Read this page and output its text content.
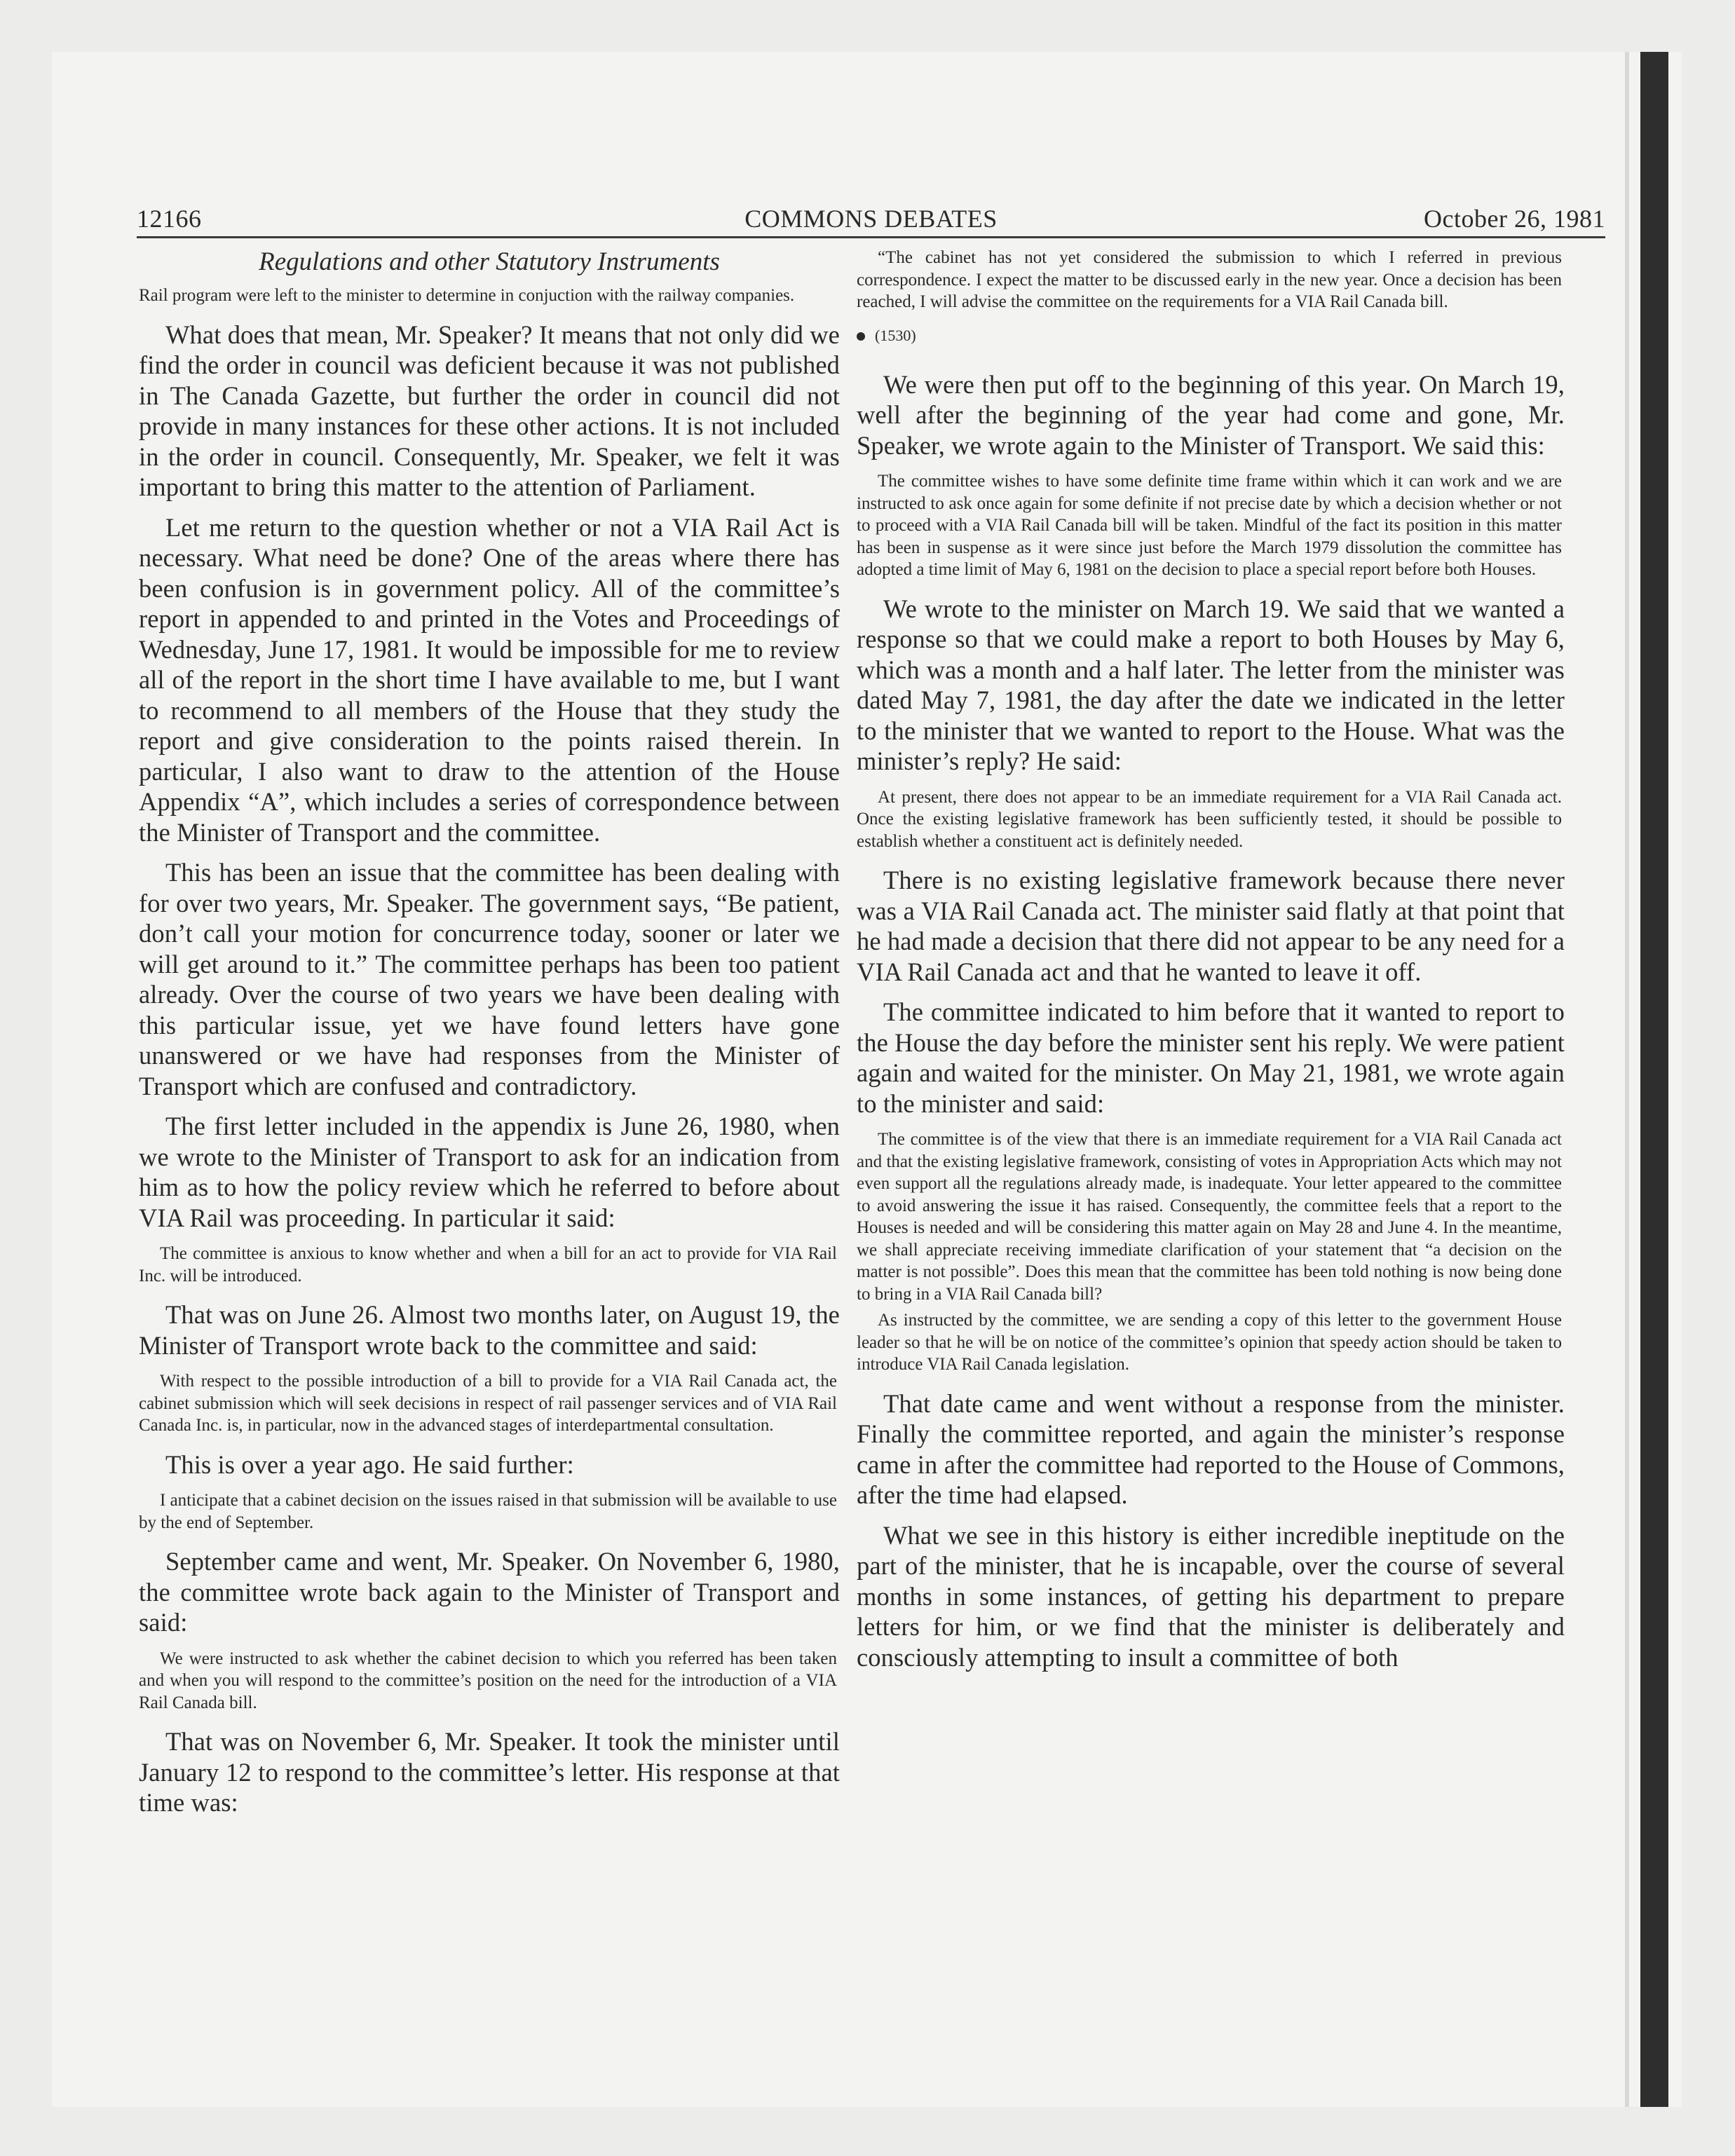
12166	COMMONS DEBATES	October 26, 1981
Regulations and other Statutory Instruments

Rail program were left to the minister to determine in conjuction with the railway companies.

What does that mean, Mr. Speaker? It means that not only did we find the order in council was deficient because it was not published in The Canada Gazette, but further the order in council did not provide in many instances for these other actions. It is not included in the order in council. Consequently, Mr. Speaker, we felt it was important to bring this matter to the attention of Parliament.

Let me return to the question whether or not a VIA Rail Act is necessary. What need be done? One of the areas where there has been confusion is in government policy. All of the committee’s report in appended to and printed in the Votes and Proceedings of Wednesday, June 17, 1981. It would be impossible for me to review all of the report in the short time I have available to me, but I want to recommend to all members of the House that they study the report and give consideration to the points raised therein. In particular, I also want to draw to the attention of the House Appendix “A”, which includes a series of correspondence between the Minister of Transport and the committee.

This has been an issue that the committee has been dealing with for over two years, Mr. Speaker. The government says, “Be patient, don’t call your motion for concurrence today, sooner or later we will get around to it.” The committee perhaps has been too patient already. Over the course of two years we have been dealing with this particular issue, yet we have found letters have gone unanswered or we have had responses from the Minister of Transport which are confused and contradictory.

The first letter included in the appendix is June 26, 1980, when we wrote to the Minister of Transport to ask for an indication from him as to how the policy review which he referred to before about VIA Rail was proceeding. In particular it said:

The committee is anxious to know whether and when a bill for an act to provide for VIA Rail Inc. will be introduced.

That was on June 26. Almost two months later, on August 19, the Minister of Transport wrote back to the committee and said:

With respect to the possible introduction of a bill to provide for a VIA Rail Canada act, the cabinet submission which will seek decisions in respect of rail passenger services and of VIA Rail Canada Inc. is, in particular, now in the advanced stages of interdepartmental consultation.

This is over a year ago. He said further:

I anticipate that a cabinet decision on the issues raised in that submission will be available to use by the end of September.

September came and went, Mr. Speaker. On November 6, 1980, the committee wrote back again to the Minister of Transport and said:

We were instructed to ask whether the cabinet decision to which you referred has been taken and when you will respond to the committee’s position on the need for the introduction of a VIA Rail Canada bill.

That was on November 6, Mr. Speaker. It took the minister until January 12 to respond to the committee’s letter. His response at that time was:

“The cabinet has not yet considered the submission to which I referred in previous correspondence. I expect the matter to be discussed early in the new year. Once a decision has been reached, I will advise the committee on the requirements for a VIA Rail Canada bill.

(1530)

We were then put off to the beginning of this year. On March 19, well after the beginning of the year had come and gone, Mr. Speaker, we wrote again to the Minister of Transport. We said this:

The committee wishes to have some definite time frame within which it can work and we are instructed to ask once again for some definite if not precise date by which a decision whether or not to proceed with a VIA Rail Canada bill will be taken. Mindful of the fact its position in this matter has been in suspense as it were since just before the March 1979 dissolution the committee has adopted a time limit of May 6, 1981 on the decision to place a special report before both Houses.

We wrote to the minister on March 19. We said that we wanted a response so that we could make a report to both Houses by May 6, which was a month and a half later. The letter from the minister was dated May 7, 1981, the day after the date we indicated in the letter to the minister that we wanted to report to the House. What was the minister’s reply? He said:

At present, there does not appear to be an immediate requirement for a VIA Rail Canada act. Once the existing legislative framework has been sufficiently tested, it should be possible to establish whether a constituent act is definitely needed.

There is no existing legislative framework because there never was a VIA Rail Canada act. The minister said flatly at that point that he had made a decision that there did not appear to be any need for a VIA Rail Canada act and that he wanted to leave it off.

The committee indicated to him before that it wanted to report to the House the day before the minister sent his reply. We were patient again and waited for the minister. On May 21, 1981, we wrote again to the minister and said:

The committee is of the view that there is an immediate requirement for a VIA Rail Canada act and that the existing legislative framework, consisting of votes in Appropriation Acts which may not even support all the regulations already made, is inadequate. Your letter appeared to the committee to avoid answering the issue it has raised. Consequently, the committee feels that a report to the Houses is needed and will be considering this matter again on May 28 and June 4. In the meantime, we shall appreciate receiving immediate clarification of your statement that “a decision on the matter is not possible”. Does this mean that the committee has been told nothing is now being done to bring in a VIA Rail Canada bill?

As instructed by the committee, we are sending a copy of this letter to the government House leader so that he will be on notice of the committee’s opinion that speedy action should be taken to introduce VIA Rail Canada legislation.

That date came and went without a response from the minister. Finally the committee reported, and again the minister’s response came in after the committee had reported to the House of Commons, after the time had elapsed.

What we see in this history is either incredible ineptitude on the part of the minister, that he is incapable, over the course of several months in some instances, of getting his department to prepare letters for him, or we find that the minister is deliberately and consciously attempting to insult a committee of both
